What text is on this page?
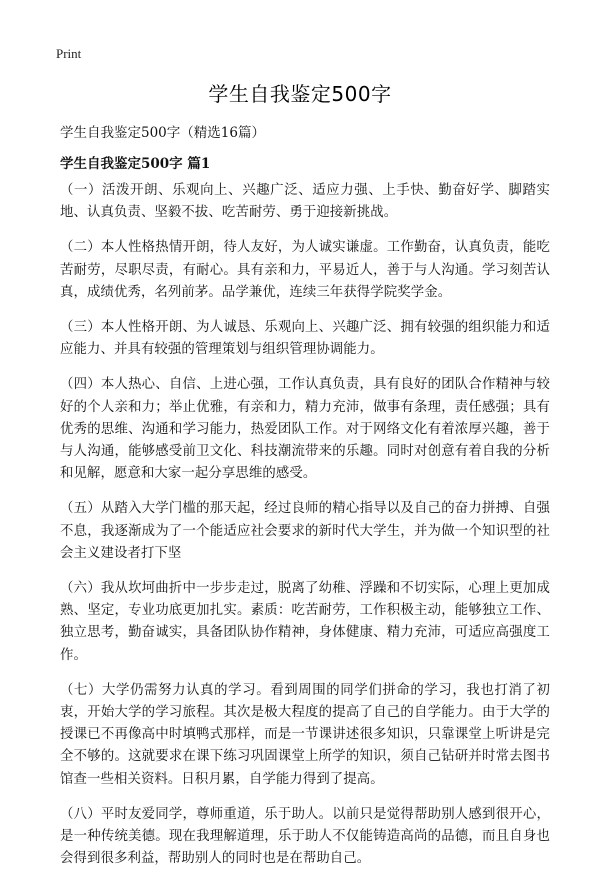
Print
学生自我鉴定500字

学生自我鉴定500字（精选16篇）

学生自我鉴定500字 篇1

（一）活泼开朗、乐观向上、兴趣广泛、适应力强、上手快、勤奋好学、脚踏实地、认真负责、坚毅不拔、吃苦耐劳、勇于迎接新挑战。

（二）本人性格热情开朗，待人友好，为人诚实谦虚。工作勤奋，认真负责，能吃苦耐劳，尽职尽责，有耐心。具有亲和力，平易近人，善于与人沟通。学习刻苦认真，成绩优秀，名列前茅。品学兼优，连续三年获得学院奖学金。

（三）本人性格开朗、为人诚恳、乐观向上、兴趣广泛、拥有较强的组织能力和适应能力、并具有较强的管理策划与组织管理协调能力。

（四）本人热心、自信、上进心强，工作认真负责，具有良好的团队合作精神与较好的个人亲和力；举止优雅，有亲和力，精力充沛，做事有条理，责任感强；具有优秀的思维、沟通和学习能力，热爱团队工作。对于网络文化有着浓厚兴趣，善于与人沟通，能够感受前卫文化、科技潮流带来的乐趣。同时对创意有着自我的分析和见解，愿意和大家一起分享思维的感受。

（五）从踏入大学门槛的那天起，经过良师的精心指导以及自己的奋力拼搏、自强不息，我逐渐成为了一个能适应社会要求的新时代大学生，并为做一个知识型的社会主义建设者打下坚

（六）我从坎坷曲折中一步步走过，脱离了幼稚、浮躁和不切实际，心理上更加成熟、坚定，专业功底更加扎实。素质：吃苦耐劳，工作积极主动，能够独立工作、独立思考，勤奋诚实，具备团队协作精神，身体健康、精力充沛，可适应高强度工作。

（七）大学仍需努力认真的学习。看到周围的同学们拼命的学习，我也打消了初衷，开始大学的学习旅程。其次是极大程度的提高了自己的自学能力。由于大学的授课已不再像高中时填鸭式那样，而是一节课讲述很多知识，只靠课堂上听讲是完全不够的。这就要求在课下练习巩固课堂上所学的知识，须自己钻研并时常去图书馆查一些相关资料。日积月累，自学能力得到了提高。

（八）平时友爱同学，尊师重道，乐于助人。以前只是觉得帮助别人感到很开心，是一种传统美德。现在我理解道理，乐于助人不仅能铸造高尚的品德，而且自身也会得到很多利益，帮助别人的同时也是在帮助自己。
